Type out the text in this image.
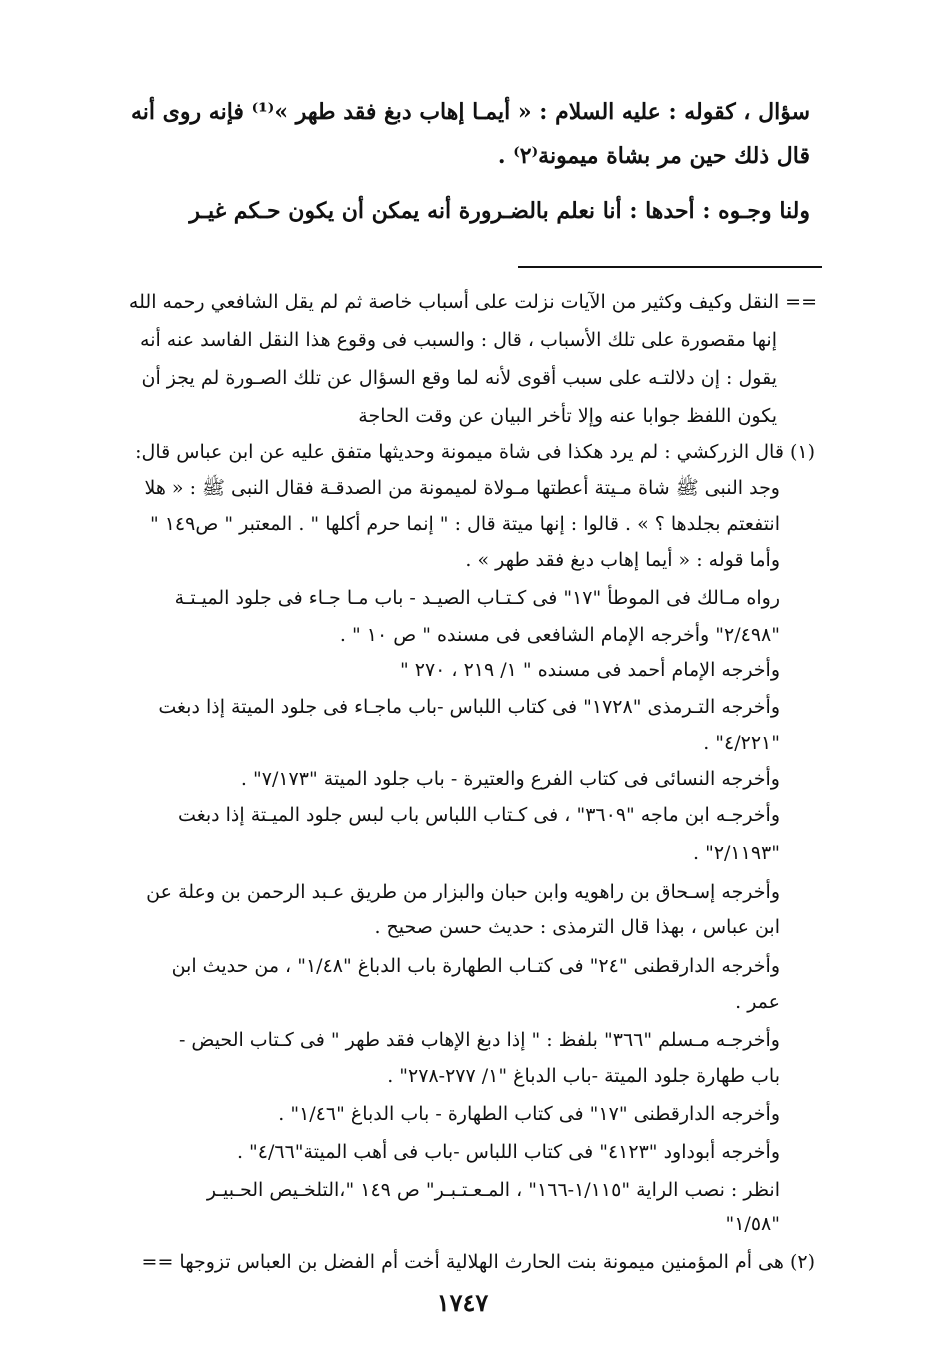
سؤال ، كقوله : عليه السلام : « أيمـا إهاب دبغ فقد طهر »⁽¹⁾ فإنه روى أنه
قال ذلك حين مر بشاة ميمونة⁽٢⁾ .
ولنا وجـوه : أحدها : أنا نعلم بالضـرورة أنه يمكن أن يكون حـكم غيـر
== النقل وكيف وكثير من الآيات نزلت على أسباب خاصة ثم لم يقل الشافعي رحمه الله
إنها مقصورة على تلك الأسباب ، قال : والسبب فى وقوع هذا النقل الفاسد عنه أنه
يقول : إن دلالتـه على سبب أقوى لأنه لما وقع السؤال عن تلك الصـورة لم يجز أن
يكون اللفظ جوابا عنه وإلا تأخر البيان عن وقت الحاجة
(١) قال الزركشي : لم يرد هكذا فى شاة ميمونة وحديثها متفق عليه عن ابن عباس قال:
وجد النبى ﷺ شاة مـيتة أعطتها مـولاة لميمونة من الصدقـة فقال النبى ﷺ : « هلا
انتفعتم بجلدها ؟ » . قالوا : إنها ميتة قال : " إنما حرم أكلها " . المعتبر " ص١٤٩ "
وأما قوله : « أيما إهاب دبغ فقد طهر » .
رواه مـالك فى الموطأ "١٧" فى كـتـاب الصيـد - باب مـا جـاء فى جلود الميـتـة
"٢/٤٩٨" وأخرجه الإمام الشافعى فى مسنده " ص ١٠ " .
وأخرجه الإمام أحمد فى مسنده " ١/ ٢١٩ ، ٢٧٠ "
وأخرجه التـرمذى "١٧٢٨" فى كتاب اللباس -باب ماجـاء فى جلود الميتة إذا دبغت
"٤/٢٢١" .
وأخرجه النسائى فى كتاب الفرع والعتيرة - باب جلود الميتة "٧/١٧٣" .
وأخرجـه ابن ماجه "٣٦٠٩" ، فى كـتاب اللباس باب لبس جلود الميـتة إذا دبغت
"٢/١١٩٣" .
وأخرجه إسـحاق بن راهويه وابن حبان والبزار من طريق عـبد الرحمن بن وعلة عن
ابن عباس ، بهذا قال الترمذى : حديث حسن صحيح .
وأخرجه الدارقطنى "٢٤" فى كتـاب الطهارة باب الدباغ "١/٤٨" ، من حديث ابن
عمر .
وأخرجـه مـسلم "٣٦٦" بلفظ : " إذا دبغ الإهاب فقد طهر " فى كـتاب الحيض -
باب طهارة جلود الميتة -باب الدباغ "١/ ٢٧٧-٢٧٨" .
وأخرجه الدارقطنى "١٧" فى كتاب الطهارة - باب الدباغ "١/٤٦" .
وأخرجه أبوداود "٤١٢٣" فى كتاب اللباس -باب فى أهب الميتة"٤/٦٦" .
انظر : نصب الراية "١/١١٥-١٦٦" ، المـعـتـبـر" ص ١٤٩ "،التلخـيص الحـبيـر
"١/٥٨"
(٢) هى أم المؤمنين ميمونة بنت الحارث الهلالية أخت أم الفضل بن العباس تزوجها ==
١٧٤٧
